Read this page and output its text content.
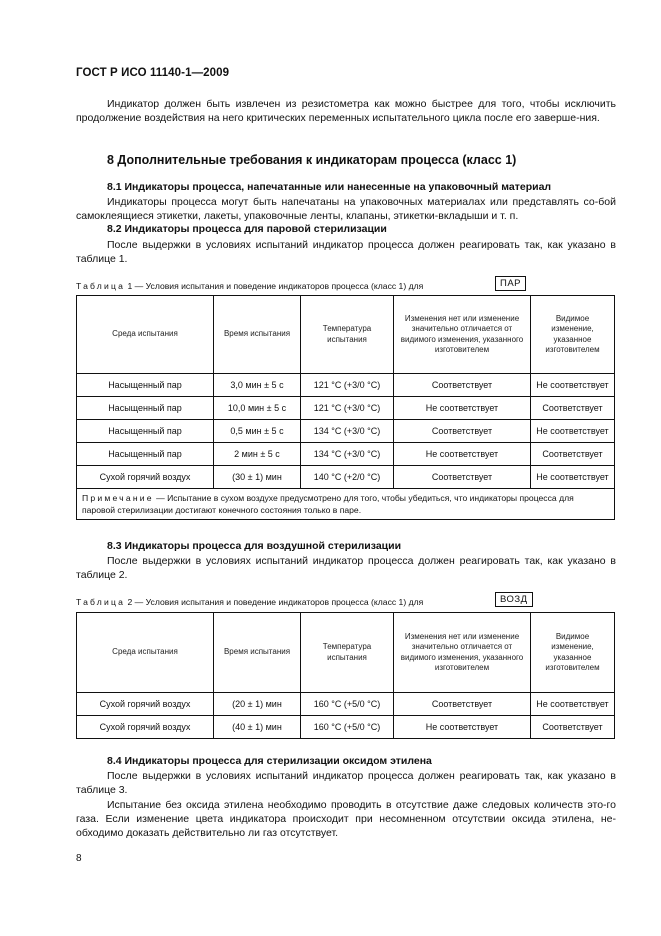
ГОСТ Р ИСО 11140-1—2009
Индикатор должен быть извлечен из резистометра как можно быстрее для того, чтобы исключить продолжение воздействия на него критических переменных испытательного цикла после его заверше-ния.
8 Дополнительные требования к индикаторам процесса (класс 1)
8.1 Индикаторы процесса, напечатанные или нанесенные на упаковочный материал
Индикаторы процесса могут быть напечатаны на упаковочных материалах или представлять со-бой самоклеящиеся этикетки, лакеты, упаковочные ленты, клапаны, этикетки-вкладыши и т. п.
8.2 Индикаторы процесса для паровой стерилизации
После выдержки в условиях испытаний индикатор процесса должен реагировать так, как указано в таблице 1.
Таблица 1 — Условия испытания и поведение индикаторов процесса (класс 1) для	ПАР
Среда испытания	Время испытания	Температура испытания	Изменения нет или изменение значительно отличается от видимого изменения, указанного изготовителем	Видимое изменение, указанное изготовителем
Насыщенный пар	3,0 мин ± 5 с	121 °С (+3/0 °С)	Соответствует	Не соответствует
Насыщенный пар	10,0 мин ± 5 с	121 °С (+3/0 °С)	Не соответствует	Соответствует
Насыщенный пар	0,5 мин ± 5 с	134 °С (+3/0 °С)	Соответствует	Не соответствует
Насыщенный пар	2 мин ± 5 с	134 °С (+3/0 °С)	Не соответствует	Соответствует
Сухой горячий воздух	(30 ± 1) мин	140 °С (+2/0 °С)	Соответствует	Не соответствует
Примечание — Испытание в сухом воздухе предусмотрено для того, чтобы убедиться, что индикаторы процесса для паровой стерилизации достигают конечного состояния только в паре.				
8.3 Индикаторы процесса для воздушной стерилизации
После выдержки в условиях испытаний индикатор процесса должен реагировать так, как указано в таблице 2.
Таблица 2 — Условия испытания и поведение индикаторов процесса (класс 1) для	ВОЗД
Среда испытания	Время испытания	Температура испытания	Изменения нет или изменение значительно отличается от видимого изменения, указанного изготовителем	Видимое изменение, указанное изготовителем
Сухой горячий воздух	(20 ± 1) мин	160 °С (+5/0 °С)	Соответствует	Не соответствует
Сухой горячий воздух	(40 ± 1) мин	160 °С (+5/0 °С)	Не соответствует	Соответствует
8.4 Индикаторы процесса для стерилизации оксидом этилена
После выдержки в условиях испытаний индикатор процесса должен реагировать так, как указано в таблице 3.
Испытание без оксида этилена необходимо проводить в отсутствие даже следовых количеств это-го газа. Если изменение цвета индикатора происходит при несомненном отсутствии оксида этилена, не-обходимо доказать действительно ли газ отсутствует.
8
